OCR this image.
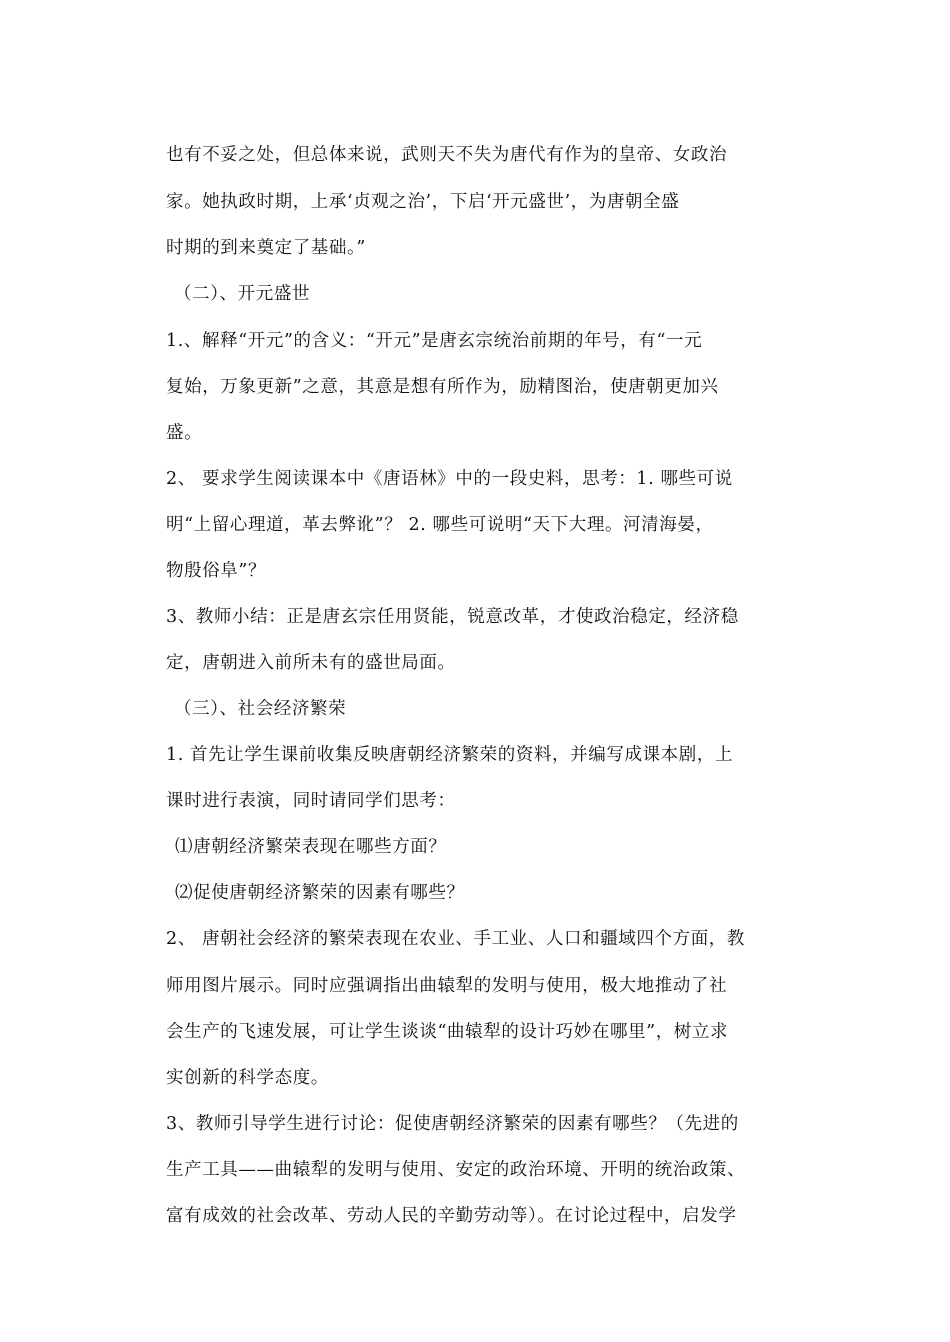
也有不妥之处，但总体来说，武则天不失为唐代有作为的皇帝、女政治
家。她执政时期，上承‘贞观之治’，下启‘开元盛世’，为唐朝全盛
时期的到来奠定了基础。”
（二）、开元盛世
1.、解释“开元”的含义：“开元”是唐玄宗统治前期的年号，有“一元
复始，万象更新”之意，其意是想有所作为，励精图治，使唐朝更加兴
盛。
2、 要求学生阅读课本中《唐语林》中的一段史料，思考：1. 哪些可说
明“上留心理道，革去弊讹”？ 2. 哪些可说明“天下大理。河清海晏，
物殷俗阜”？
3、教师小结：正是唐玄宗任用贤能，锐意改革，才使政治稳定，经济稳
定，唐朝进入前所未有的盛世局面。
（三）、社会经济繁荣
1. 首先让学生课前收集反映唐朝经济繁荣的资料，并编写成课本剧，上
课时进行表演，同时请同学们思考：
⑴唐朝经济繁荣表现在哪些方面？
⑵促使唐朝经济繁荣的因素有哪些？
2、 唐朝社会经济的繁荣表现在农业、手工业、人口和疆域四个方面，教
师用图片展示。同时应强调指出曲辕犁的发明与使用，极大地推动了社
会生产的飞速发展，可让学生谈谈“曲辕犁的设计巧妙在哪里”，树立求
实创新的科学态度。
3、教师引导学生进行讨论：促使唐朝经济繁荣的因素有哪些？（先进的
生产工具——曲辕犁的发明与使用、安定的政治环境、开明的统治政策、
富有成效的社会改革、劳动人民的辛勤劳动等）。在讨论过程中，启发学
